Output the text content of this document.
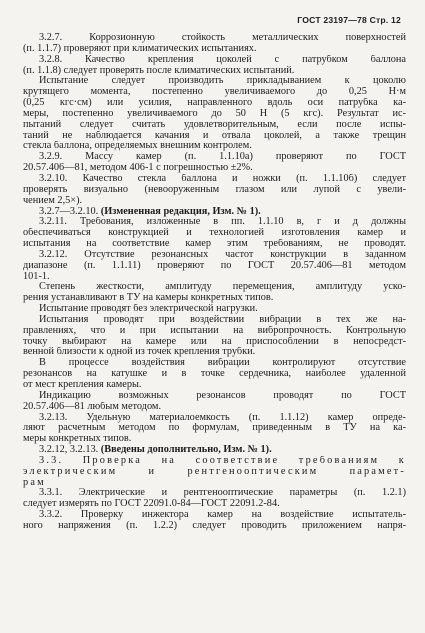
ГОСТ 23197—78 Стр. 12
3.2.7. Коррозионную стойкость металлических поверхностей
(п. 1.1.7) проверяют при климатических испытаниях.
3.2.8. Качество крепления цоколей с патрубком баллона
(п. 1.1.8) следует проверять после климатических испытаний.
Испытание следует производить прикладыванием к цоколю
крутящего момента, постепенно увеличиваемого до 0,25 Н·м
(0,25 кгс·см) или усилия, направленного вдоль оси патрубка ка-
меры, постепенно увеличиваемого до 50 Н (5 кгс). Результат ис-
пытаний следует считать удовлетворительным, если после испы-
таний не наблюдается качания и отвала цоколей, а также трещин
стекла баллона, определяемых внешним контролем.
3.2.9. Массу камер (п. 1.1.10а) проверяют по ГОСТ
20.57.406—81, методом 406-1 с погрешностью ±2%.
3.2.10. Качество стекла баллона и ножки (п. 1.1.10б) следует
проверять визуально (невооруженным глазом или лупой с увели-
чением 2,5×).
3.2.7—3.2.10. (Измененная редакция, Изм. № 1).
3.2.11. Требования, изложенные в пп. 1.1.10 в, г и д должны
обеспечиваться конструкцией и технологией изготовления камер и
испытания на соответствие камер этим требованиям, не проводят.
3.2.12. Отсутствие резонансных частот конструкции в заданном
диапазоне (п. 1.1.11) проверяют по ГОСТ 20.57.406—81 методом
101-1.
Степень жесткости, амплитуду перемещения, амплитуду уско-
рения устанавливают в ТУ на камеры конкретных типов.
Испытание проводят без электрической нагрузки.
Испытания проводят при воздействии вибрации в тех же на-
правлениях, что и при испытании на вибропрочность. Контрольную
точку выбирают на камере или на приспособлении в непосредст-
венной близости к одной из точек крепления трубки.
В процессе воздействия вибрации контролируют отсутствие
резонансов на катушке и в точке сердечника, наиболее удаленной
от мест крепления камеры.
Индикацию возможных резонансов проводят по ГОСТ
20.57.406—81 любым методом.
3.2.13. Удельную материалоемкость (п. 1.1.12) камер опреде-
ляют расчетным методом по формулам, приведенным в ТУ на ка-
меры конкретных типов.
3.2.12, 3.2.13. (Введены дополнительно, Изм. № 1).
3.3. Проверка на соответствие требованиям к
электрическим и рентгенооптическим парамет-
рам
3.3.1. Электрические и рентгенооптические параметры (п. 1.2.1)
следует измерять по ГОСТ 22091.0-84—ГОСТ 22091.2-84.
3.3.2. Проверку инжектора камер на воздействие испытатель-
ного напряжения (п. 1.2.2) следует проводить приложением напря-
